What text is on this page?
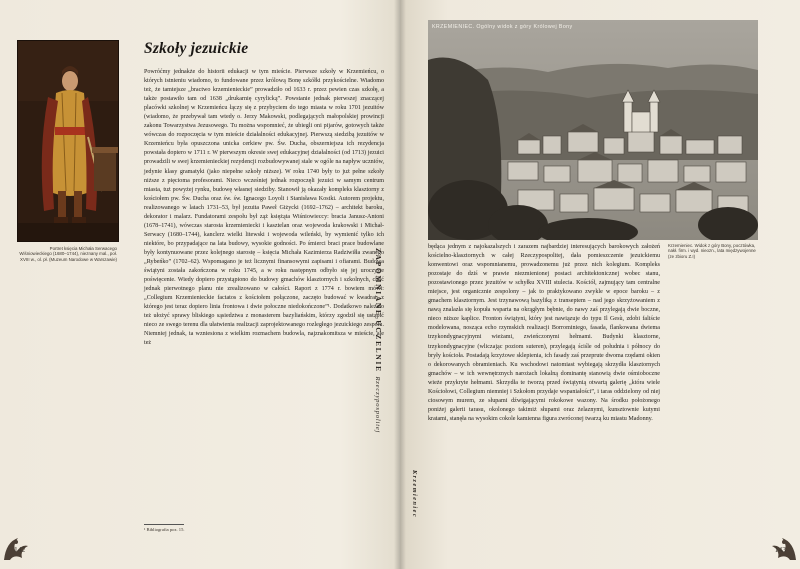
Portret księcia Michała Serwacego Wiśniowieckiego (1680–1744), nieznany mal., poł. XVIII w., ol. pł. (Muzeum Narodowe w Warszawie)
Szkoły jezuickie

Powróćmy jednakże do historii edukacji w tym mieście. Pierwsze szkoły w Krzemieńcu, o których istnieniu wiadomo, to fundowane przez królową Bonę szkółki przykościelne. Wiadomo też, że tamtejsze „bractwo krzemienieckie” prowadziło od 1633 r. przez pewien czas szkołę, a także postawiło tam od 1638 „drukarnię cyrylicką”. Powstanie jednak pierwszej znaczącej placówki szkolnej w Krzemieńcu łączy się z przybyciem do tego miasta w roku 1701 jezuitów (wiadomo, że przebywał tam wtedy o. Jerzy Makowski, podlegających małopolskiej prowincji zakonu Towarzystwa Jezusowego. Tu można wspomnieć, że ubiegli oni pijarów, gotowych także wówczas do rozpoczęcia w tym mieście działalności edukacyjnej. Pierwszą siedzibą jezuitów w Krzemieńcu była opuszczona unicka cerkiew pw. Św. Ducha, obszerniejsza ich rezydencja powstała dopiero w 1711 r. W pierwszym okresie swej edukacyjnej działalności (od 1713) jezuici prowadzili w swej krzemienieckiej rezydencji rozbudowywanej stale w ogóle na napływ uczniów, jedynie klasy gramatyki (jako niepełne szkoły niższe). W roku 1740 były to już pełne szkoły niższe z pięcioma profesorami. Nieco wcześniej jednak rozpoczęli jezuici w samym centrum miasta, tuż powyżej rynku, budowę własnej siedziby. Stanowił ją okazały kompleks klasztorny z kościołem pw. Św. Ducha oraz św. św. Ignacego Loyoli i Stanisława Kostki. Autorem projektu, realizowanego w latach 1731–53, był jezuita Paweł Giżycki (1692–1762) – architekt baroku, dekorator i malarz. Fundatorami zespołu był ząż księżąta Wiśniowieccy: bracia Janusz-Antoni (1678–1741), wówczas starosta krzemieniecki i kasztelan oraz wojewoda krakowski i Michał-Serwacy (1680–1744), kanclerz wielki litewski i wojewoda wileński, by wymienić tylko ich niektóre, bo przypadające na lata budowy, wysokie godności. Po śmierci braci prace budowlane były kontynuowane przez kolejnego starostę – księcia Michała Kazimierza Radziwiłła zwanego „Rybeńko” (1702–62). Wspomagano je też licznymi finansowymi zapisami i ofiarami. Budowa świątyni została zakończona w roku 1745, a w roku następnym odbyło się jej uroczyste poświęcenie. Wiedy dopiero przystąpiono do budowy gmachów klasztornych i szkolnych, choć jednak pierwotnego planu nie zrealizowano w całości. Raport z 1774 r. bowiem mówi: „Collegium Krzemienieckie factatos z kościołem połączone, zaczęto budować w kwadrat, z którego jest teraz dopiero linia frontowa i dwie połoczne niedokończone”¹. Dodatkowo należało też ułożyć sprawy bliskiego sąsiedztwa z monasterem bazyliańskim, którzy zgodził się ustąpić nieco ze swego terenu dla ułatwienia realizacji zaprojektowanego rozległego jezuickiego zespołu. Niemniej jednak, ta wzniesiona z wielkim rozmachem budowla, najznakomitsza w mieście, ale też

¹ Bibliografia poz. 15.
142
ZAPOMNIANE UCZELNIE Rzeczypospolitej
Krzemieniec
143
KRZEMIENIEC. Ogólny widok z góry Królowej Bony
Krzemieniec. Widok z góry Bony, pocztówka, nakł. firm. i wyd. nieozn., lata międzywojenne (ze zbioru Z.I)

będąca jednym z najokazalszych i zarazem najbardziej interesujących barokowych założeń kościelno-klasztornych w całej Rzeczypospolitej, dała pomieszczenie jezuickiemu konwentowi oraz wspomnianemu, prowadzonemu już przez nich kolegium. Kompleks pozostaje do dziś w prawie niezmienionej postaci architektonicznej wobec stanu, pozostawionego przez jezuitów w schyłku XVIII stulecia. Kościół, zajmujący tam centralne miejsce, jest organicznie zespolony – jak to praktykowano zwykle w epoce baroku – z gmachem klasztornym. Jest trzynawową bazyliką z transeptem – nad jego skrzyżowaniem z nawą znalazła się kopuła wsparta na okrągłym bębnie, do nawy zaś przylegają dwie boczne, nieco niższe kaplice. Fronton świątyni, który jest nawiązuje do typu Il Gesù, zdobi faliście modelowana, nosząca echo rzymskich realizacji Borrominiego, fasada, flankowana dwiema trzykondygnacyjnymi wieżami, zwieńczonymi hełmami. Budynki klasztorne, trzykondygnacyjne (wliczając poziom suteren), przylegają ściśle od południa i północy do bryły kościoła. Postadają krzyżowe sklepienia, ich fasady zaś przeprute dwoma rzędami okien o dekorowanych obramieniach. Ku wschodowi natomiast wybiegają skrzydła klasztornych gmachów – w ich wewnętrznych narożach lokalną dominantę stanowią dwie ośmioboczne wieże przykryte hełmami. Skrzydła te tworzą przed świątynią otwartą galerię „która wiele Kościołowi, Collegium niemniej i Szkołom przydaje wspaniałości”, i taras oddzielony od niej ciosowym murem, ze słupami dźwigającymi rokokowe wazony. Na środku położonego poniżej galerii tarasu, okolonego takimiż słupami oraz żelaznymi, kunsztownie kutymi kratami, stanęła na wysokim cokole kamienna figura zwróconej twarzą ku miastu Madonny.
